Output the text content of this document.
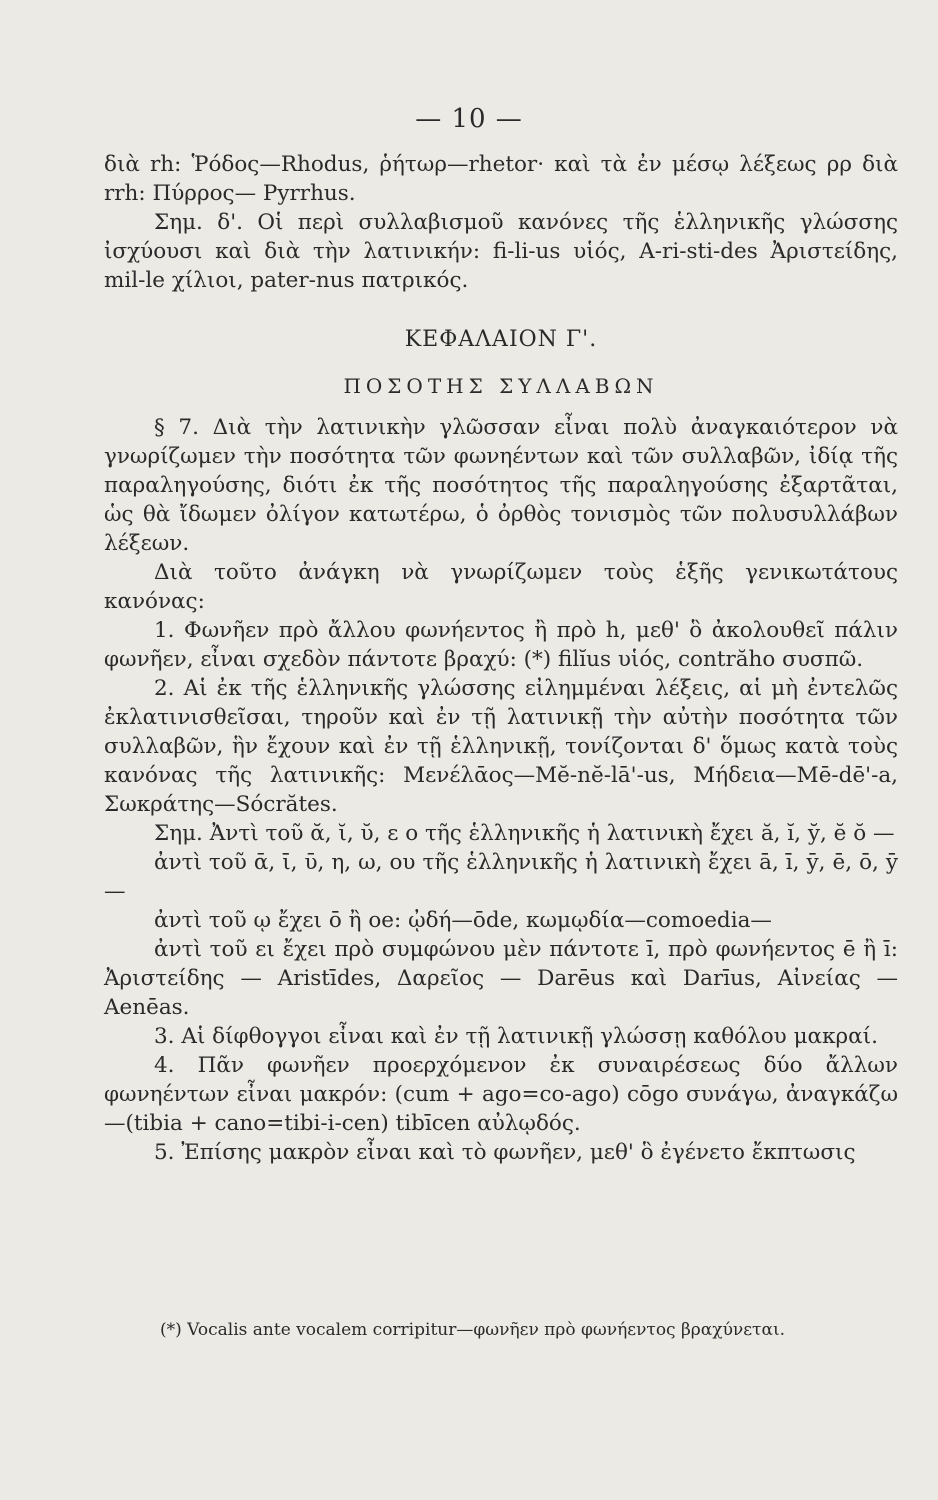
— 10 —

διὰ rh: Ῥόδος—Rhodus, ῥήτωρ—rhetor· καὶ τὰ ἐν μέσῳ λέξεως ρρ διὰ rrh: Πύρρος— Pyrrhus.

Σημ. δ'. Οἱ περὶ συλλαβισμοῦ κανόνες τῆς ἑλληνικῆς γλώσσης ἰσχύουσι καὶ διὰ τὴν λατινικήν: fi-li-us υἱός, A-ri-sti-des Ἀριστείδης, mil-le χίλιοι, pater-nus πατρικός.

ΚΕΦΑΛΑΙΟΝ Γ'.
ΠΟΣΟΤΗΣ ΣΥΛΛΑΒΩΝ

§ 7. Διὰ τὴν λατινικὴν γλῶσσαν εἶναι πολὺ ἀναγκαιότερον νὰ γνωρίζωμεν τὴν ποσότητα τῶν φωνηέντων καὶ τῶν συλλαβῶν, ἰδίᾳ τῆς παραληγούσης, διότι ἐκ τῆς ποσότητος τῆς παραληγούσης ἐξαρτᾶται, ὡς θὰ ἴδωμεν ὀλίγον κατωτέρω, ὁ ὀρθὸς τονισμὸς τῶν πολυσυλλάβων λέξεων.

Διὰ τοῦτο ἀνάγκη νὰ γνωρίζωμεν τοὺς ἑξῆς γενικωτάτους κανόνας:

1. Φωνῆεν πρὸ ἄλλου φωνήεντος ἢ πρὸ h, μεθ' ὃ ἀκολουθεῖ πάλιν φωνῆεν, εἶναι σχεδὸν πάντοτε βραχύ: (*) filĭus υἱός, contrăho συσπῶ.

2. Αἱ ἐκ τῆς ἑλληνικῆς γλώσσης εἰλημμέναι λέξεις, αἱ μὴ ἐντελῶς ἐκλατινισθεῖσαι, τηροῦν καὶ ἐν τῇ λατινικῇ τὴν αὐτὴν ποσότητα τῶν συλλαβῶν, ἣν ἔχουν καὶ ἐν τῇ ἑλληνικῇ, τονίζονται δ' ὅμως κατὰ τοὺς κανόνας τῆς λατινικῆς: Μενέλᾱος—Mĕ-nĕ-lā'-us, Μήδεια—Mē-dē'-a, Σωκράτης—Sócrătes.

Σημ. Ἀντὶ τοῦ ᾰ, ῐ, ῠ, ε ο τῆς ἑλληνικῆς ἡ λατινικὴ ἔχει ă, ĭ, y̆, ĕ ŏ —

ἀντὶ τοῦ ᾱ, ῑ, ῡ, η, ω, ου τῆς ἑλληνικῆς ἡ λατινικὴ ἔχει ā, ī, ȳ, ē, ō, ȳ —

ἀντὶ τοῦ ῳ ἔχει ō ἢ oe: ᾠδή—ōde, κωμῳδία—comoedia—

ἀντὶ τοῦ ει ἔχει πρὸ συμφώνου μὲν πάντοτε ī, πρὸ φωνήεντος ē ἢ ī: Ἀριστείδης — Aristīdes, Δαρεῖος — Darēus καὶ Darīus, Αἰνείας — Aenēas.

3. Αἱ δίφθογγοι εἶναι καὶ ἐν τῇ λατινικῇ γλώσσῃ καθόλου μακραί.

4. Πᾶν φωνῆεν προερχόμενον ἐκ συναιρέσεως δύο ἄλλων φωνηέντων εἶναι μακρόν: (cum + ago=co-ago) cōgo συνάγω, ἀναγκάζω—(tibia + cano=tibi-i-cen) tibīcen αὐλῳδός.

5. Ἐπίσης μακρὸν εἶναι καὶ τὸ φωνῆεν, μεθ' ὃ ἐγένετο ἔκπτωσις

(*) Vocalis ante vocalem corripitur—φωνῆεν πρὸ φωνήεντος βραχύνεται.
